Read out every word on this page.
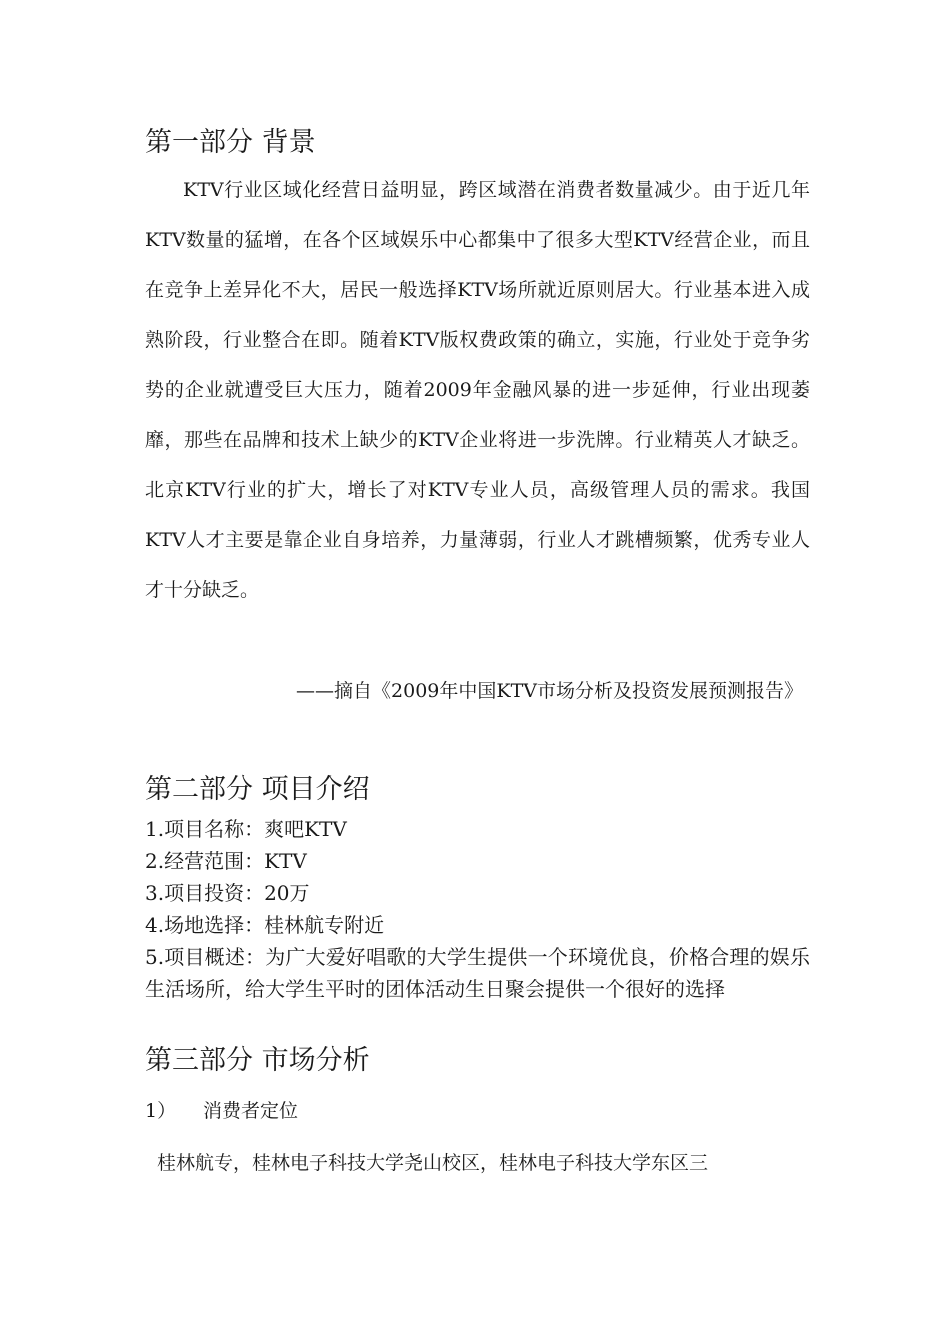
第一部分 背景

KTV行业区域化经营日益明显，跨区域潜在消费者数量减少。由于近几年KTV数量的猛增，在各个区域娱乐中心都集中了很多大型KTV经营企业，而且在竞争上差异化不大，居民一般选择KTV场所就近原则居大。行业基本进入成熟阶段，行业整合在即。随着KTV版权费政策的确立，实施，行业处于竞争劣势的企业就遭受巨大压力，随着2009年金融风暴的进一步延伸，行业出现萎靡，那些在品牌和技术上缺少的KTV企业将进一步洗牌。行业精英人才缺乏。北京KTV行业的扩大，增长了对KTV专业人员，高级管理人员的需求。我国KTV人才主要是靠企业自身培养，力量薄弱，行业人才跳槽频繁，优秀专业人才十分缺乏。

——摘自《2009年中国KTV市场分析及投资发展预测报告》

第二部分 项目介绍

1.项目名称：爽吧KTV

2.经营范围：KTV

3.项目投资：20万

4.场地选择：桂林航专附近

5.项目概述：为广大爱好唱歌的大学生提供一个环境优良，价格合理的娱乐生活场所，给大学生平时的团体活动生日聚会提供一个很好的选择

第三部分 市场分析

1） 消费者定位

桂林航专，桂林电子科技大学尧山校区，桂林电子科技大学东区三
